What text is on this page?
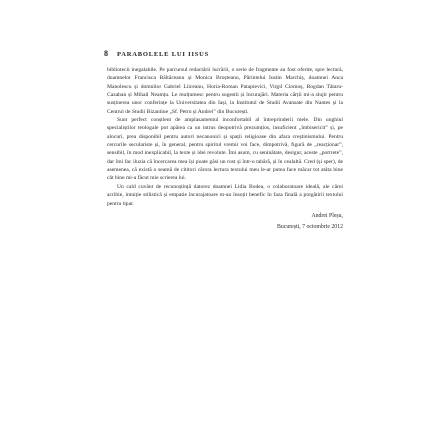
8 PARABOLELE LUI IISUS

bibliotecii inegalabile. Pe parcursul redactării lucrării, o serie de fragmente au fost oferite, spre lectură, doamnelor Francisca Băltăceanu și Monica Broșteanu, Părintelui Iustin Marchiș, doamnei Anca Manolescu și domnilor Gabriel Liiceanu, Horia-Roman Patapievici, Virgil Ciomoș, Bogdan Tătaru-Cazaban și Mihail Neamțu. Le mulțumesc pentru sugestii și încurajări. Materia cărții mi-a slujit pentru susținerea unor conferințe la Universitatea din Iași, la Institutul de Studii Avansate din Nantes și la Centrul de Studii Bizantine „Sf. Petru și Andrei” din București.

Sunt perfect conștient de amplasamentul inconfortabil al întreprinderii mele. Din unghiul specialiștilor teologale pot apărea ca un intrus deopotrivă prezumțios, insuficient „îmbisericit” și, pe alocuri, prea disponibil pentru autori necanonici și spații religioase din afara creștinismului. Pentru cercurile seculariste și, în general, pentru spiritul vremii voi face, dimpotrivă, figură de „reacționar”, sensibil, în mod inexplicabil, la texte și idei revolute. Îmi asum, cu seninătate, desigur, aceste „portrete”, dar îmi fac iluzia că încercarea mea își poate găsi un rost și într-o tabără, și în cealaltă. Cred (și sper), de asemenea, că există o seamă de cititori cărora lectura textului meu le-ar putea face măcar tot atâta bine cât bine mi-a făcut mie scrierea lui.

Un cald cuvânt de recunoștință datorez doamnei Lidia Bodea, o colaboratoare ideală, ale cărei acribie, intuiție stilistică și empatie încurajatoare m-au însoțit benefic în faza finală a pregătirii textului pentru tipar.

Andrei Pleșu,
București, 7 octombrie 2012
